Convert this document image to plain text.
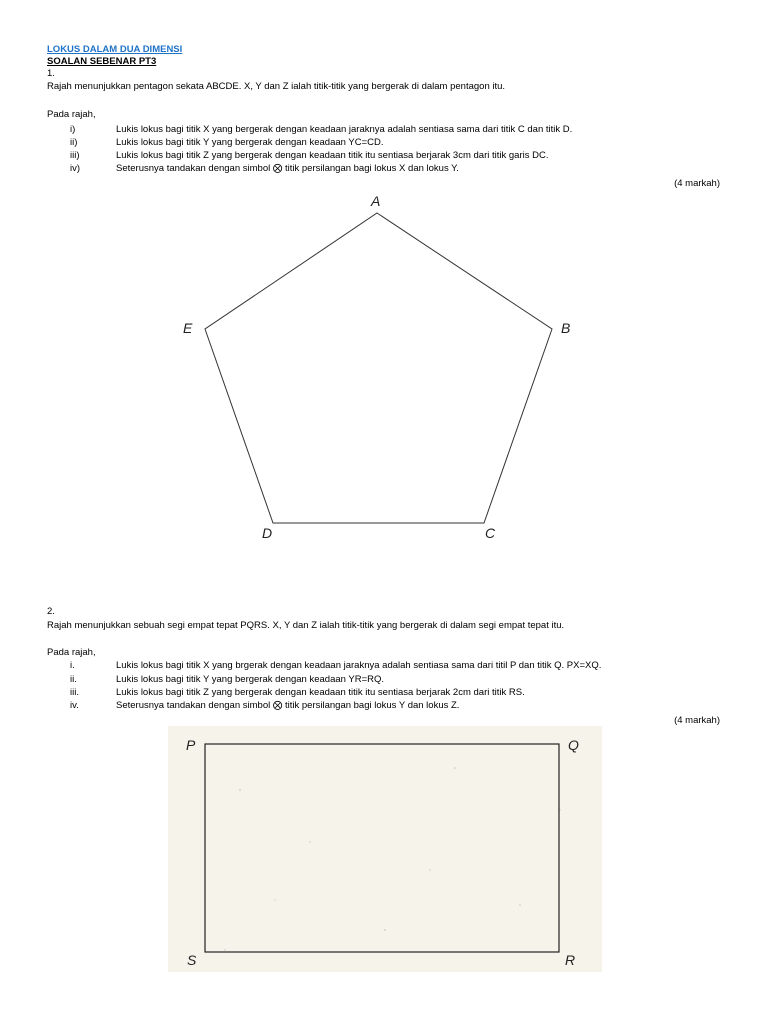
LOKUS DALAM DUA DIMENSI
SOALAN SEBENAR PT3
1.
Rajah menunjukkan pentagon sekata ABCDE. X, Y dan Z ialah titik-titik yang bergerak di dalam pentagon itu.
Pada rajah,
i)	Lukis lokus bagi titik X yang bergerak dengan keadaan jaraknya adalah sentiasa sama dari titik C dan titik D.
ii)	Lukis lokus bagi titik Y yang bergerak dengan keadaan YC=CD.
iii)	Lukis lokus bagi titik Z yang bergerak dengan keadaan titik itu sentiasa berjarak 3cm dari titik garis DC.
iv)	Seterusnya tandakan dengan simbol ⨂ titik persilangan bagi lokus X dan lokus Y.
(4 markah)
A
B
C
D
E
P	Q
R
S
2.
Rajah menunjukkan sebuah segi empat tepat PQRS. X, Y dan Z ialah titik-titik yang bergerak di dalam segi empat tepat itu.
Pada rajah,
i.	Lukis lokus bagi titik X yang brgerak dengan keadaan jaraknya adalah sentiasa sama dari titil P dan titik Q. PX=XQ.
ii.	Lukis lokus bagi titik Y yang bergerak dengan keadaan YR=RQ.
iii.	Lukis lokus bagi titik Z yang bergerak dengan keadaan titik itu sentiasa berjarak 2cm dari titik RS.
iv.	Seterusnya tandakan dengan simbol ⨂ titik persilangan bagi lokus Y dan lokus Z.
(4 markah)
